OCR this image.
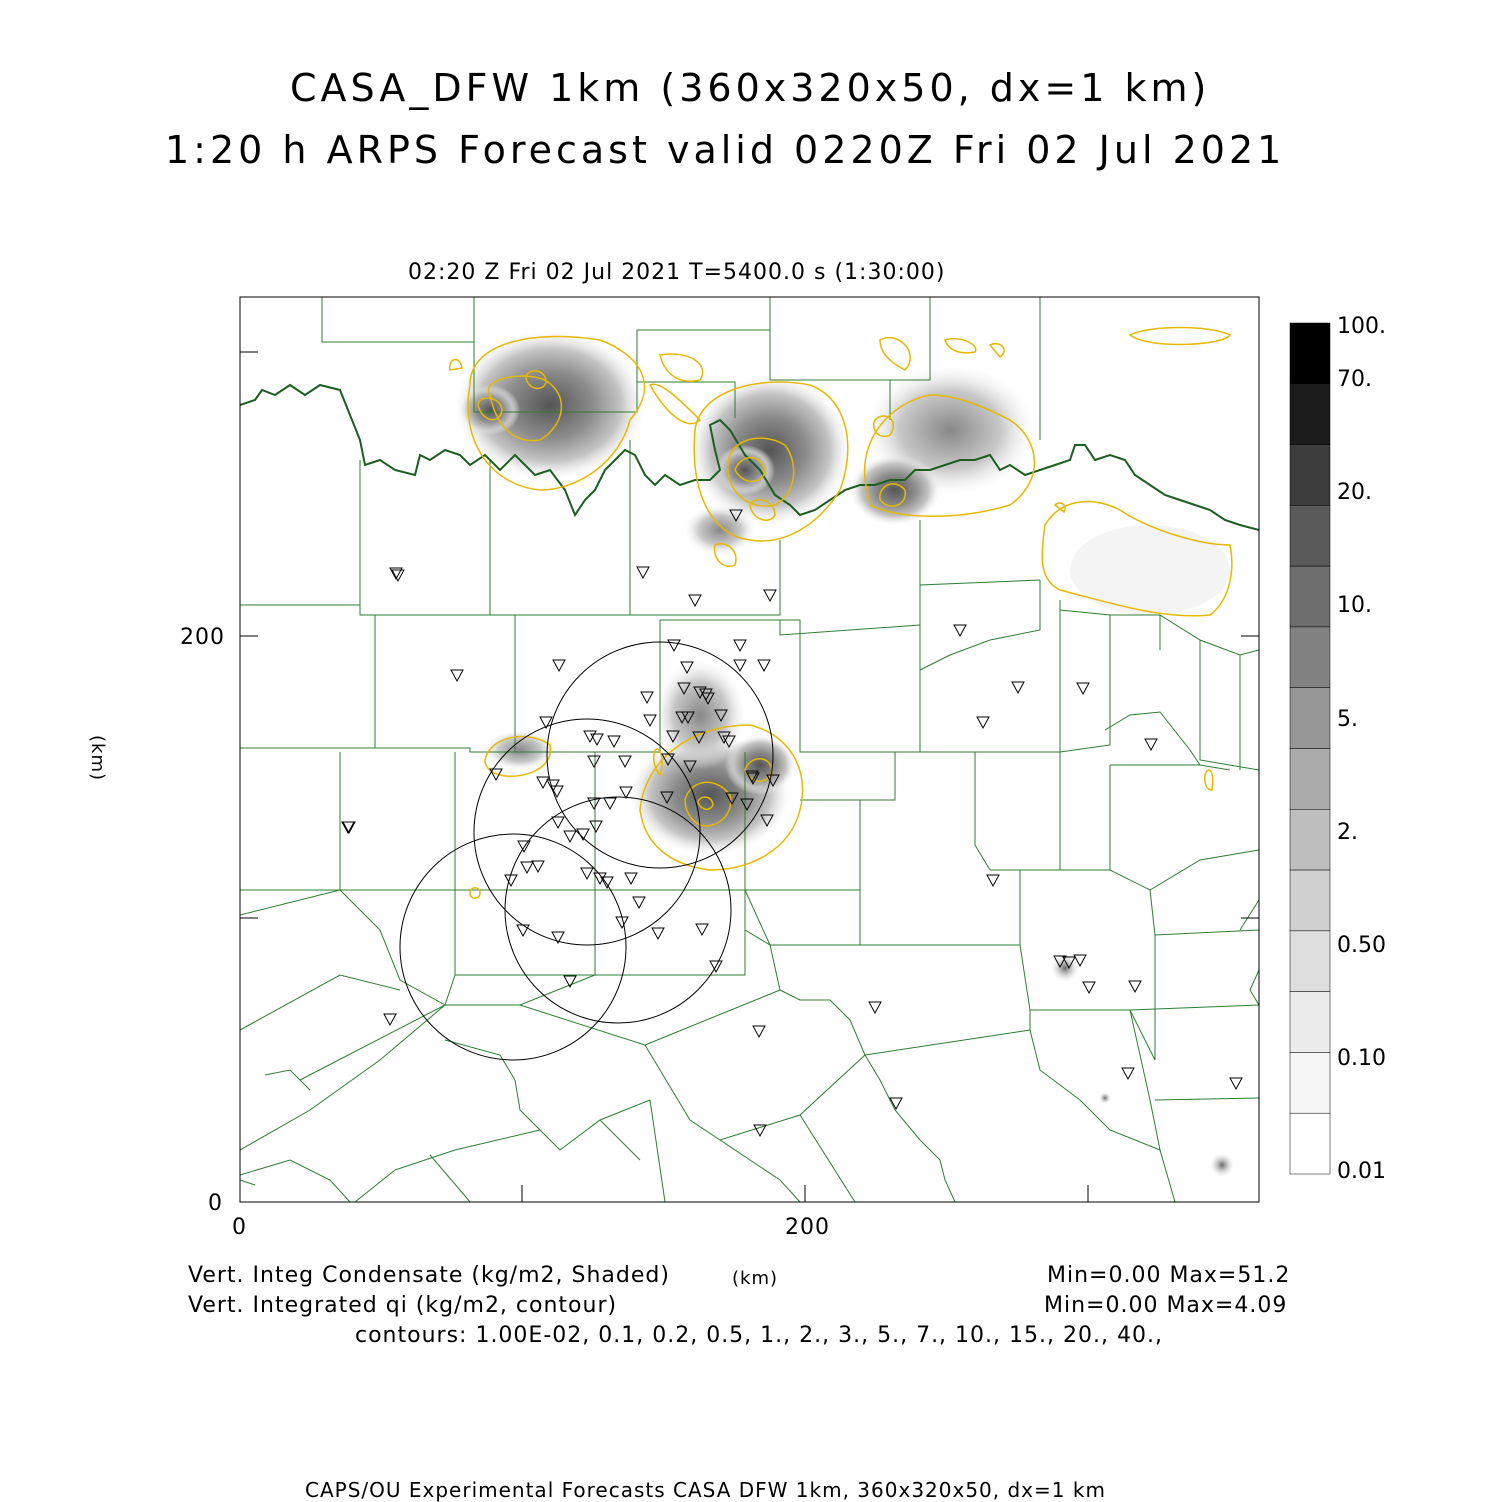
CASA_DFW 1km (360x320x50, dx=1 km)
1:20 h ARPS Forecast valid 0220Z Fri 02 Jul 2021
02:20 Z Fri 02 Jul 2021 T=5400.0 s (1:30:00)
200
0
0	200
(km)
(km)
100.
70.
20.
10.
5.
2.
0.50
0.10
0.01
Vert. Integ Condensate (kg/m2, Shaded)	Min=0.00 Max=51.2
Vert. Integrated qi (kg/m2, contour)	Min=0.00 Max=4.09
contours: 1.00E-02, 0.1, 0.2, 0.5, 1., 2., 3., 5., 7., 10., 15., 20., 40.,
CAPS/OU Experimental Forecasts CASA DFW 1km, 360x320x50, dx=1 km
